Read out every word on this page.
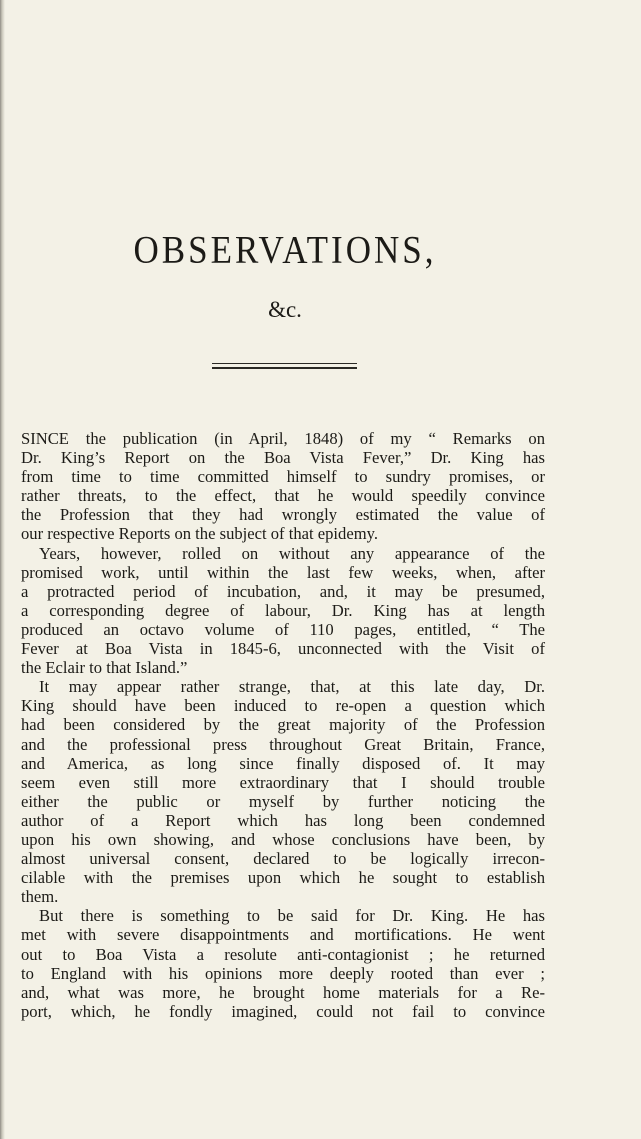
OBSERVATIONS,
&c.
SINCE the publication (in April, 1848) of my “ Remarks on
Dr. King’s Report on the Boa Vista Fever,” Dr. King has
from time to time committed himself to sundry promises, or
rather threats, to the effect, that he would speedily convince
the Profession that they had wrongly estimated the value of
our respective Reports on the subject of that epidemy.
Years, however, rolled on without any appearance of the
promised work, until within the last few weeks, when, after
a protracted period of incubation, and, it may be presumed,
a corresponding degree of labour, Dr. King has at length
produced an octavo volume of 110 pages, entitled, “ The
Fever at Boa Vista in 1845-6, unconnected with the Visit of
the Eclair to that Island.”
It may appear rather strange, that, at this late day, Dr.
King should have been induced to re-open a question which
had been considered by the great majority of the Profession
and the professional press throughout Great Britain, France,
and America, as long since finally disposed of. It may
seem even still more extraordinary that I should trouble
either the public or myself by further noticing the
author of a Report which has long been condemned
upon his own showing, and whose conclusions have been, by
almost universal consent, declared to be logically irrecon-
cilable with the premises upon which he sought to establish
them.
But there is something to be said for Dr. King. He has
met with severe disappointments and mortifications. He went
out to Boa Vista a resolute anti-contagionist ; he returned
to England with his opinions more deeply rooted than ever ;
and, what was more, he brought home materials for a Re-
port, which, he fondly imagined, could not fail to convince
